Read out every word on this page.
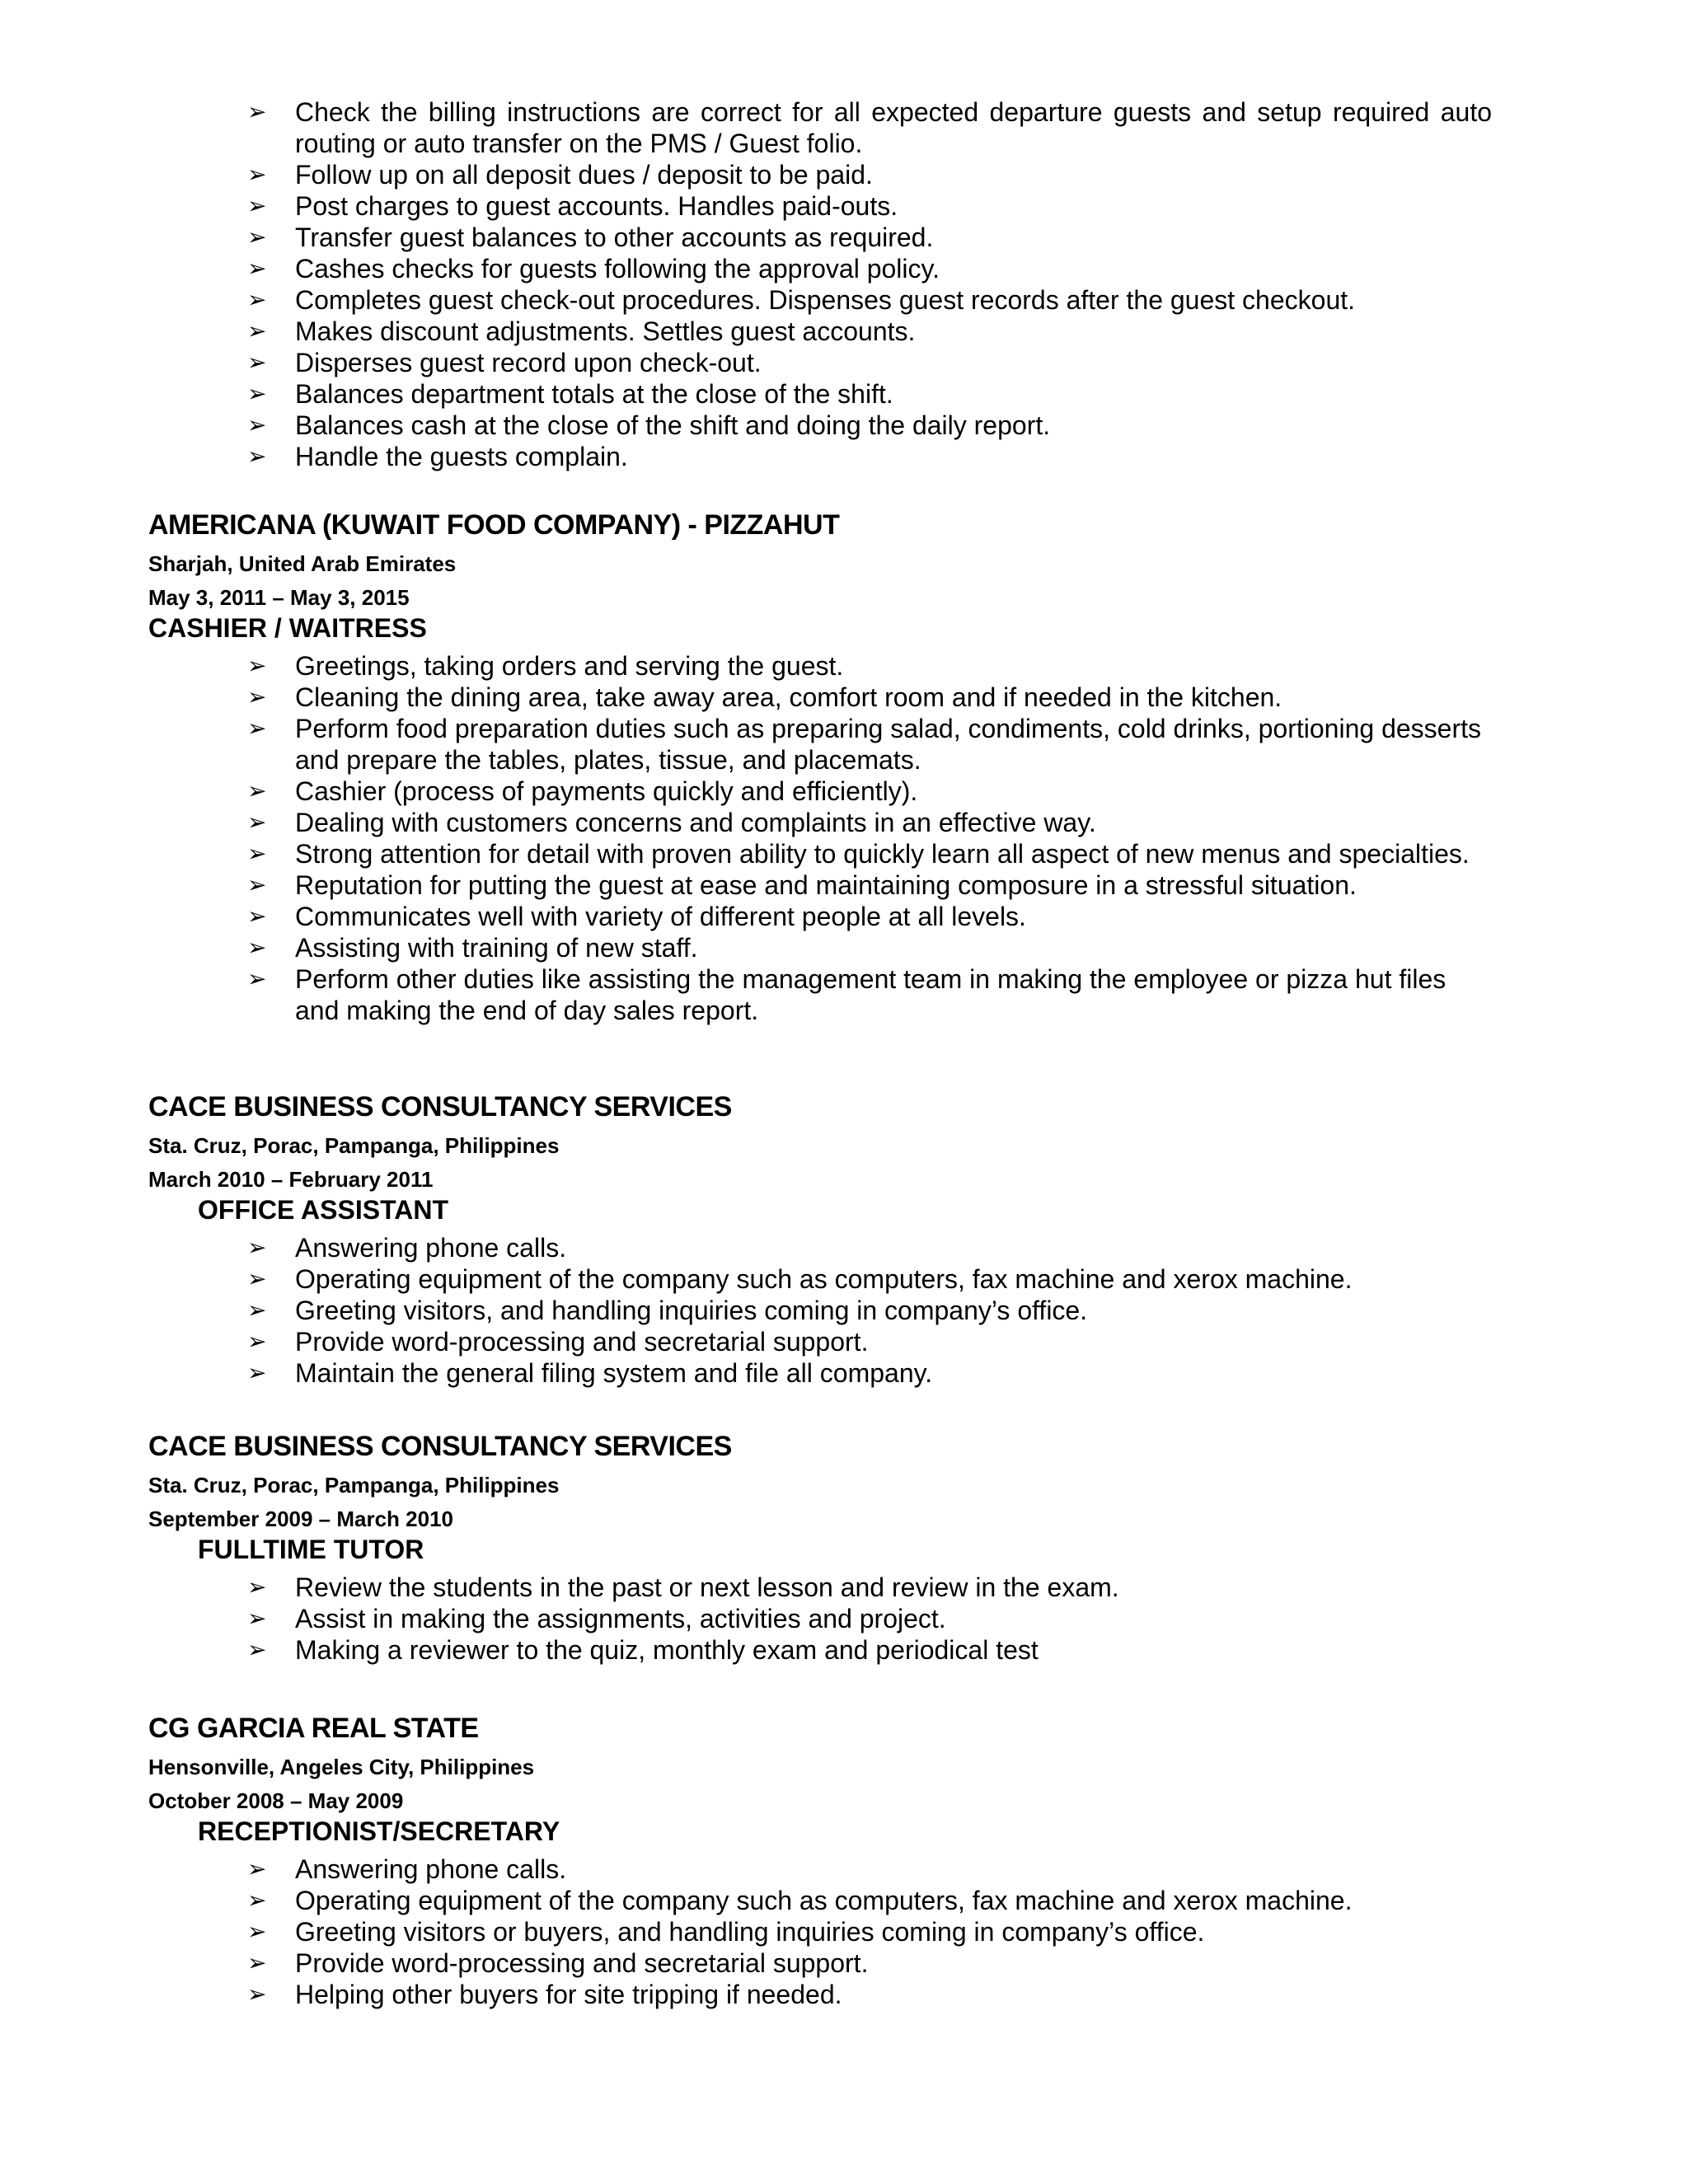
➢	Check the billing instructions are correct for all expected departure guests and setup required auto routing or auto transfer on the PMS / Guest folio.
➢	Follow up on all deposit dues / deposit to be paid.
➢	Post charges to guest accounts. Handles paid-outs.
➢	Transfer guest balances to other accounts as required.
➢	Cashes checks for guests following the approval policy.
➢	Completes guest check-out procedures. Dispenses guest records after the guest checkout.
➢	Makes discount adjustments. Settles guest accounts.
➢	Disperses guest record upon check-out.
➢	Balances department totals at the close of the shift.
➢	Balances cash at the close of the shift and doing the daily report.
➢	Handle the guests complain.
AMERICANA (KUWAIT FOOD COMPANY) - PIZZAHUT

Sharjah, United Arab Emirates

May 3, 2011 – May 3, 2015

CASHIER / WAITRESS
➢	Greetings, taking orders and serving the guest.
➢	Cleaning the dining area, take away area, comfort room and if needed in the kitchen.
➢	Perform food preparation duties such as preparing salad, condiments, cold drinks, portioning desserts and prepare the tables, plates, tissue, and placemats.
➢	Cashier (process of payments quickly and efficiently).
➢	Dealing with customers concerns and complaints in an effective way.
➢	Strong attention for detail with proven ability to quickly learn all aspect of new menus and specialties.
➢	Reputation for putting the guest at ease and maintaining composure in a stressful situation.
➢	Communicates well with variety of different people at all levels.
➢	Assisting with training of new staff.
➢	Perform other duties like assisting the management team in making the employee or pizza hut files and making the end of day sales report.
CACE BUSINESS CONSULTANCY SERVICES

Sta. Cruz, Porac, Pampanga, Philippines

March 2010 – February 2011

OFFICE ASSISTANT
➢	Answering phone calls.
➢	Operating equipment of the company such as computers, fax machine and xerox machine.
➢	Greeting visitors, and handling inquiries coming in company’s office.
➢	Provide word-processing and secretarial support.
➢	Maintain the general filing system and file all company.
CACE BUSINESS CONSULTANCY SERVICES

Sta. Cruz, Porac, Pampanga, Philippines

September 2009 – March 2010

FULLTIME TUTOR
➢	Review the students in the past or next lesson and review in the exam.
➢	Assist in making the assignments, activities and project.
➢	Making a reviewer to the quiz, monthly exam and periodical test
CG GARCIA REAL STATE

Hensonville, Angeles City, Philippines

October 2008 – May 2009

RECEPTIONIST/SECRETARY
➢	Answering phone calls.
➢	Operating equipment of the company such as computers, fax machine and xerox machine.
➢	Greeting visitors or buyers, and handling inquiries coming in company’s office.
➢	Provide word-processing and secretarial support.
➢	Helping other buyers for site tripping if needed.
